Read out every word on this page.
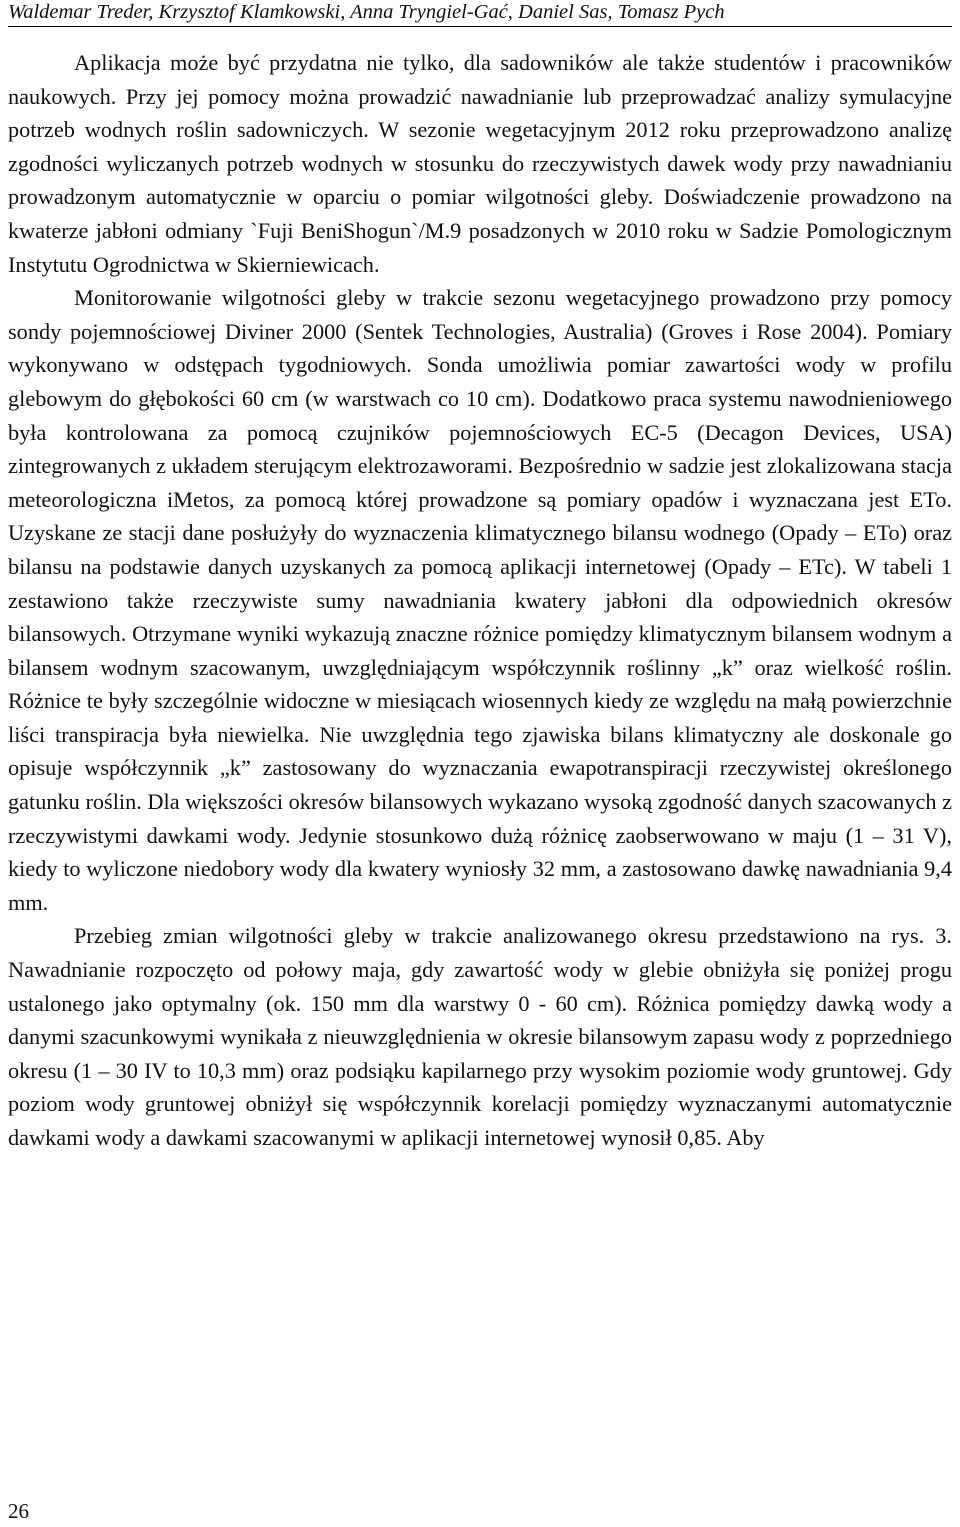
Waldemar Treder, Krzysztof Klamkowski, Anna Tryngiel-Gać, Daniel Sas, Tomasz Pych

Aplikacja może być przydatna nie tylko, dla sadowników ale także studentów i pracowników naukowych. Przy jej pomocy można prowadzić nawadnianie lub przeprowadzać analizy symulacyjne potrzeb wodnych roślin sadowniczych. W sezonie wegetacyjnym 2012 roku przeprowadzono analizę zgodności wyliczanych potrzeb wodnych w stosunku do rzeczywistych dawek wody przy nawadnianiu prowadzonym automatycznie w oparciu o pomiar wilgotności gleby. Doświadczenie prowadzono na kwaterze jabłoni odmiany `Fuji BeniShogun`/M.9 posadzonych w 2010 roku w Sadzie Pomologicznym Instytutu Ogrodnictwa w Skierniewicach.

Monitorowanie wilgotności gleby w trakcie sezonu wegetacyjnego prowadzono przy pomocy sondy pojemnościowej Diviner 2000 (Sentek Technologies, Australia) (Groves i Rose 2004). Pomiary wykonywano w odstępach tygodniowych. Sonda umożliwia pomiar zawartości wody w profilu glebowym do głębokości 60 cm (w warstwach co 10 cm). Dodatkowo praca systemu nawodnieniowego była kontrolowana za pomocą czujników pojemnościowych EC-5 (Decagon Devices, USA) zintegrowanych z układem sterującym elektrozaworami. Bezpośrednio w sadzie jest zlokalizowana stacja meteorologiczna iMetos, za pomocą której prowadzone są pomiary opadów i wyznaczana jest ETo. Uzyskane ze stacji dane posłużyły do wyznaczenia klimatycznego bilansu wodnego (Opady – ETo) oraz bilansu na podstawie danych uzyskanych za pomocą aplikacji internetowej (Opady – ETc). W tabeli 1 zestawiono także rzeczywiste sumy nawadniania kwatery jabłoni dla odpowiednich okresów bilansowych. Otrzymane wyniki wykazują znaczne różnice pomiędzy klimatycznym bilansem wodnym a bilansem wodnym szacowanym, uwzględniającym współczynnik roślinny „k” oraz wielkość roślin. Różnice te były szczególnie widoczne w miesiącach wiosennych kiedy ze względu na małą powierzchnie liści transpiracja była niewielka. Nie uwzględnia tego zjawiska bilans klimatyczny ale doskonale go opisuje współczynnik „k” zastosowany do wyznaczania ewapotranspiracji rzeczywistej określonego gatunku roślin. Dla większości okresów bilansowych wykazano wysoką zgodność danych szacowanych z rzeczywistymi dawkami wody. Jedynie stosunkowo dużą różnicę zaobserwowano w maju (1 – 31 V), kiedy to wyliczone niedobory wody dla kwatery wyniosły 32 mm, a zastosowano dawkę nawadniania 9,4 mm.

Przebieg zmian wilgotności gleby w trakcie analizowanego okresu przedstawiono na rys. 3. Nawadnianie rozpoczęto od połowy maja, gdy zawartość wody w glebie obniżyła się poniżej progu ustalonego jako optymalny (ok. 150 mm dla warstwy 0 - 60 cm). Różnica pomiędzy dawką wody a danymi szacunkowymi wynikała z nieuwzględnienia w okresie bilansowym zapasu wody z poprzedniego okresu (1 – 30 IV to 10,3 mm) oraz podsiąku kapilarnego przy wysokim poziomie wody gruntowej. Gdy poziom wody gruntowej obniżył się współczynnik korelacji pomiędzy wyznaczanymi automatycznie dawkami wody a dawkami szacowanymi w aplikacji internetowej wynosił 0,85. Aby

26
